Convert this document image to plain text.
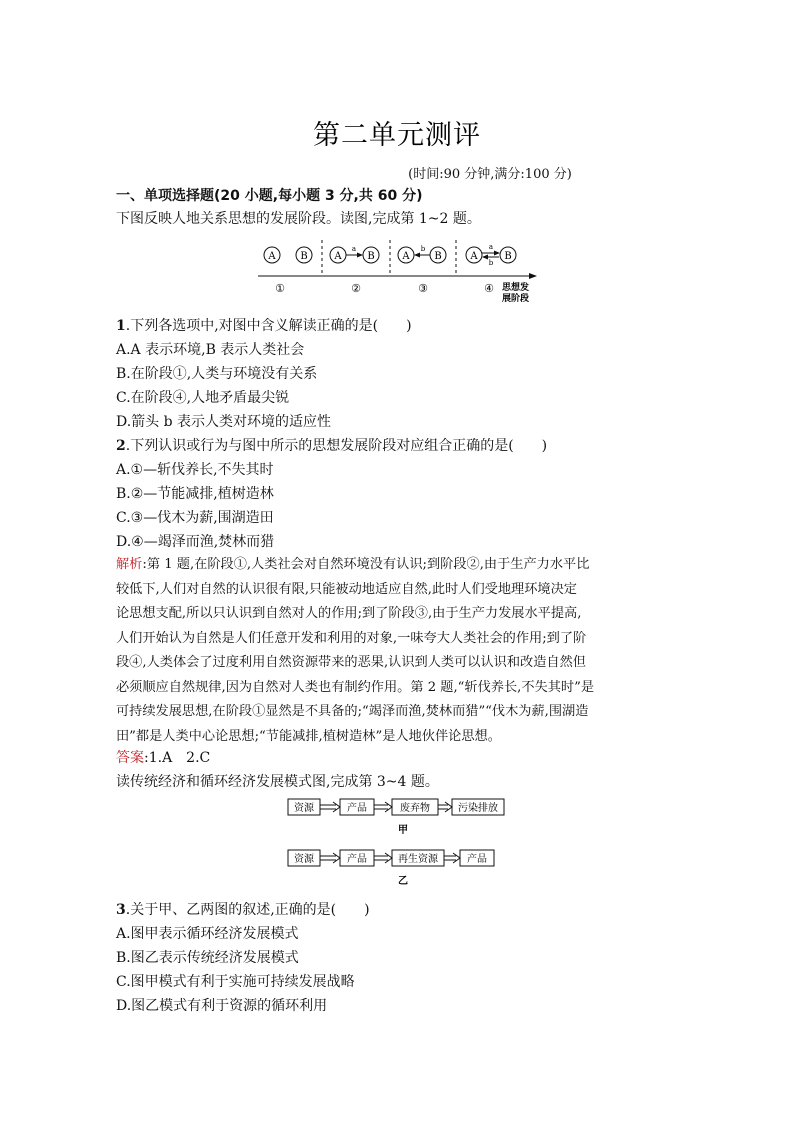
第二单元测评
(时间:90 分钟,满分:100 分)
一、单项选择题(20 小题,每小题 3 分,共 60 分)
下图反映人地关系思想的发展阶段。读图,完成第 1~2 题。
A B	A
a
B	A
b
B	A
a
b
B
①	②	③	④ 思想发
展阶段
1.下列各选项中,对图中含义解读正确的是(　　)
A.A 表示环境,B 表示人类社会
B.在阶段①,人类与环境没有关系
C.在阶段④,人地矛盾最尖锐
D.箭头 b 表示人类对环境的适应性
2.下列认识或行为与图中所示的思想发展阶段对应组合正确的是(　　)
A.①—斩伐养长,不失其时
B.②—节能减排,植树造林
C.③—伐木为薪,围湖造田
D.④—竭泽而渔,焚林而猎
解析:第 1 题,在阶段①,人类社会对自然环境没有认识;到阶段②,由于生产力水平比
较低下,人们对自然的认识很有限,只能被动地适应自然,此时人们受地理环境决定
论思想支配,所以只认识到自然对人的作用;到了阶段③,由于生产力发展水平提高,
人们开始认为自然是人们任意开发和利用的对象,一味夸大人类社会的作用;到了阶
段④,人类体会了过度利用自然资源带来的恶果,认识到人类可以认识和改造自然但
必须顺应自然规律,因为自然对人类也有制约作用。第 2 题,“斩伐养长,不失其时”是
可持续发展思想,在阶段①显然是不具备的;“竭泽而渔,焚林而猎”“伐木为薪,围湖造
田”都是人类中心论思想;“节能减排,植树造林”是人地伙伴论思想。
答案:1.A　2.C
读传统经济和循环经济发展模式图,完成第 3~4 题。
资源	产品	废弃物	污染排放
甲
资源	产品	再生资源	产品
乙
3.关于甲、乙两图的叙述,正确的是(　　)
A.图甲表示循环经济发展模式
B.图乙表示传统经济发展模式
C.图甲模式有利于实施可持续发展战略
D.图乙模式有利于资源的循环利用
